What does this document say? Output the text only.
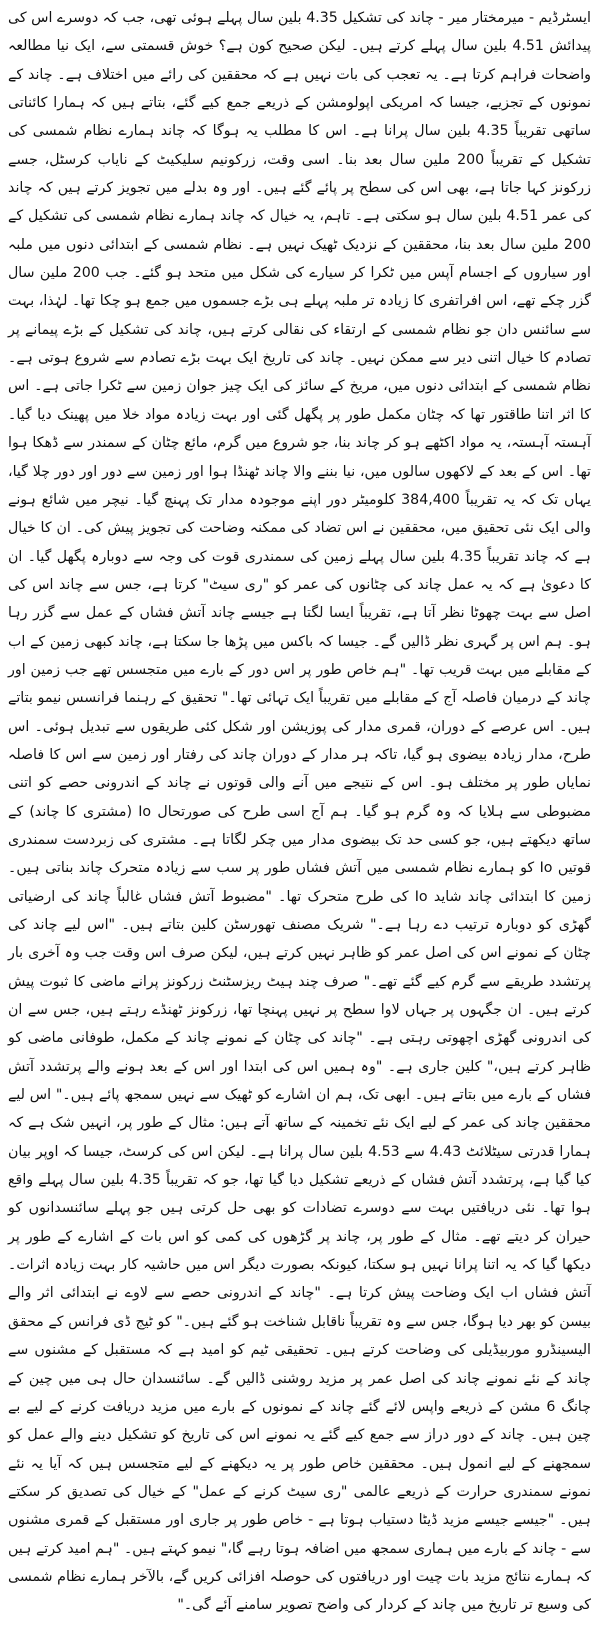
ایسٹرڈیم - میرمختار میر - چاند کی تشکیل 4.35 بلین سال پہلے ہوئی تھی، جب کہ دوسرے اس کی پیدائش 4.51 بلین سال پہلے کرتے ہیں۔ لیکن صحیح کون ہے؟ خوش قسمتی سے، ایک نیا مطالعہ واضحات فراہم کرتا ہے۔ یہ تعجب کی بات نہیں ہے کہ محققین کی رائے میں اختلاف ہے۔ چاند کے نمونوں کے تجزیے، جیسا کہ امریکی اپولومشن کے ذریعے جمع کیے گئے، بتاتے ہیں کہ ہمارا کائناتی ساتھی تقریباً 4.35 بلین سال پرانا ہے۔ اس کا مطلب یہ ہوگا کہ چاند ہمارے نظام شمسی کی تشکیل کے تقریباً 200 ملین سال بعد بنا۔ اسی وقت، زرکونیم سلیکیٹ کے نایاب کرسٹل، جسے زرکونز کہا جاتا ہے، بھی اس کی سطح پر پائے گئے ہیں۔ اور وہ بدلے میں تجویز کرتے ہیں کہ چاند کی عمر 4.51 بلین سال ہو سکتی ہے۔ تاہم، یہ خیال کہ چاند ہمارے نظام شمسی کی تشکیل کے 200 ملین سال بعد بنا، محققین کے نزدیک ٹھیک نہیں ہے۔ نظام شمسی کے ابتدائی دنوں میں ملبہ اور سیاروں کے اجسام آپس میں ٹکرا کر سیارے کی شکل میں متحد ہو گئے۔ جب 200 ملین سال گزر چکے تھے، اس افراتفری کا زیادہ تر ملبہ پہلے ہی بڑے جسموں میں جمع ہو چکا تھا۔ لہٰذا، بہت سے سائنس دان جو نظام شمسی کے ارتقاء کی نقالی کرتے ہیں، چاند کی تشکیل کے بڑے پیمانے پر تصادم کا خیال اتنی دیر سے ممکن نہیں۔ چاند کی تاریخ ایک بہت بڑے تصادم سے شروع ہوتی ہے۔ نظام شمسی کے ابتدائی دنوں میں، مریخ کے سائز کی ایک چیز جوان زمین سے ٹکرا جاتی ہے۔ اس کا اثر اتنا طاقتور تھا کہ چٹان مکمل طور پر پگھل گئی اور بہت زیادہ مواد خلا میں پھینک دیا گیا۔ آہستہ آہستہ، یہ مواد اکٹھے ہو کر چاند بنا، جو شروع میں گرم، مائع چٹان کے سمندر سے ڈھکا ہوا تھا۔ اس کے بعد کے لاکھوں سالوں میں، نیا بننے والا چاند ٹھنڈا ہوا اور زمین سے دور اور دور چلا گیا، یہاں تک کہ یہ تقریباً 384,400 کلومیٹر دور اپنے موجودہ مدار تک پہنچ گیا۔ نیچر میں شائع ہونے والی ایک نئی تحقیق میں، محققین نے اس تضاد کی ممکنہ وضاحت کی تجویز پیش کی۔ ان کا خیال ہے کہ چاند تقریباً 4.35 بلین سال پہلے زمین کی سمندری قوت کی وجہ سے دوبارہ پگھل گیا۔ ان کا دعویٰ ہے کہ یہ عمل چاند کی چٹانوں کی عمر کو "ری سیٹ" کرتا ہے، جس سے چاند اس کی اصل سے بہت چھوٹا نظر آتا ہے، تقریباً ایسا لگتا ہے جیسے چاند آتش فشاں کے عمل سے گزر رہا ہو۔ ہم اس پر گہری نظر ڈالیں گے۔ جیسا کہ باکس میں پڑھا جا سکتا ہے، چاند کبھی زمین کے اب کے مقابلے میں بہت قریب تھا۔ "ہم خاص طور پر اس دور کے بارے میں متجسس تھے جب زمین اور چاند کے درمیان فاصلہ آج کے مقابلے میں تقریباً ایک تہائی تھا۔" تحقیق کے رہنما فرانسس نیمو بتاتے ہیں۔ اس عرصے کے دوران، قمری مدار کی پوزیشن اور شکل کئی طریقوں سے تبدیل ہوئی۔ اس طرح، مدار زیادہ بیضوی ہو گیا، تاکہ ہر مدار کے دوران چاند کی رفتار اور زمین سے اس کا فاصلہ نمایاں طور پر مختلف ہو۔ اس کے نتیجے میں آنے والی قوتوں نے چاند کے اندرونی حصے کو اتنی مضبوطی سے ہلایا کہ وہ گرم ہو گیا۔ ہم آج اسی طرح کی صورتحال Io (مشتری کا چاند) کے ساتھ دیکھتے ہیں، جو کسی حد تک بیضوی مدار میں چکر لگاتا ہے۔ مشتری کی زبردست سمندری قوتیں Io کو ہمارے نظام شمسی میں آتش فشاں طور پر سب سے زیادہ متحرک چاند بناتی ہیں۔ زمین کا ابتدائی چاند شاید Io کی طرح متحرک تھا۔ "مضبوط آتش فشاں غالباً چاند کی ارضیاتی گھڑی کو دوبارہ ترتیب دے رہا ہے۔" شریک مصنف تھورسٹن کلین بتاتے ہیں۔ "اس لیے چاند کی چٹان کے نمونے اس کی اصل عمر کو ظاہر نہیں کرتے ہیں، لیکن صرف اس وقت جب وہ آخری بار پرتشدد طریقے سے گرم کیے گئے تھے۔" صرف چند ہیٹ ریزسٹنٹ زرکونز پرانے ماضی کا ثبوت پیش کرتے ہیں۔ ان جگہوں پر جہاں لاوا سطح پر نہیں پہنچا تھا، زرکونز ٹھنڈے رہتے ہیں، جس سے ان کی اندرونی گھڑی اچھوتی رہتی ہے۔ "چاند کی چٹان کے نمونے چاند کے مکمل، طوفانی ماضی کو ظاہر کرتے ہیں،" کلین جاری ہے۔ "وہ ہمیں اس کی ابتدا اور اس کے بعد ہونے والے پرتشدد آتش فشاں کے بارے میں بتاتے ہیں۔ ابھی تک، ہم ان اشارے کو ٹھیک سے نہیں سمجھ پائے ہیں۔" اس لیے محققین چاند کی عمر کے لیے ایک نئے تخمینہ کے ساتھ آتے ہیں: مثال کے طور پر، انہیں شک ہے کہ ہمارا قدرتی سیٹلائٹ 4.43 سے 4.53 بلین سال پرانا ہے۔ لیکن اس کی کرسٹ، جیسا کہ اوپر بیان کیا گیا ہے، پرتشدد آتش فشاں کے ذریعے تشکیل دیا گیا تھا، جو کہ تقریباً 4.35 بلین سال پہلے واقع ہوا تھا۔ نئی دریافتیں بہت سے دوسرے تضادات کو بھی حل کرتی ہیں جو پہلے سائنسدانوں کو حیران کر دیتے تھے۔ مثال کے طور پر، چاند پر گڑھوں کی کمی کو اس بات کے اشارے کے طور پر دیکھا گیا کہ یہ اتنا پرانا نہیں ہو سکتا، کیونکہ بصورت دیگر اس میں حاشیہ کار بہت زیادہ اثرات۔ آتش فشاں اب ایک وضاحت پیش کرتا ہے۔ "چاند کے اندرونی حصے سے لاوے نے ابتدائی اثر والے بیسن کو بھر دیا ہوگا، جس سے وہ تقریباً ناقابل شناخت ہو گئے ہیں۔" کو ٹیج ڈی فرانس کے محقق الیسینڈرو موربیڈیلی کی وضاحت کرتے ہیں۔ تحقیقی ٹیم کو امید ہے کہ مستقبل کے مشنوں سے چاند کے نئے نمونے چاند کی اصل عمر پر مزید روشنی ڈالیں گے۔ سائنسدان حال ہی میں چین کے چانگ 6 مشن کے ذریعے واپس لائے گئے چاند کے نمونوں کے بارے میں مزید دریافت کرنے کے لیے بے چین ہیں۔ چاند کے دور دراز سے جمع کیے گئے یہ نمونے اس کی تاریخ کو تشکیل دینے والے عمل کو سمجھنے کے لیے انمول ہیں۔ محققین خاص طور پر یہ دیکھنے کے لیے متجسس ہیں کہ آیا یہ نئے نمونے سمندری حرارت کے ذریعے عالمی "ری سیٹ کرنے کے عمل" کے خیال کی تصدیق کر سکتے ہیں۔ "جیسے جیسے مزید ڈیٹا دستیاب ہوتا ہے - خاص طور پر جاری اور مستقبل کے قمری مشنوں سے - چاند کے بارے میں ہماری سمجھ میں اضافہ ہوتا رہے گا،" نیمو کہتے ہیں۔ "ہم امید کرتے ہیں کہ ہمارے نتائج مزید بات چیت اور دریافتوں کی حوصلہ افزائی کریں گے، بالآخر ہمارے نظام شمسی کی وسیع تر تاریخ میں چاند کے کردار کی واضح تصویر سامنے آئے گی۔"
